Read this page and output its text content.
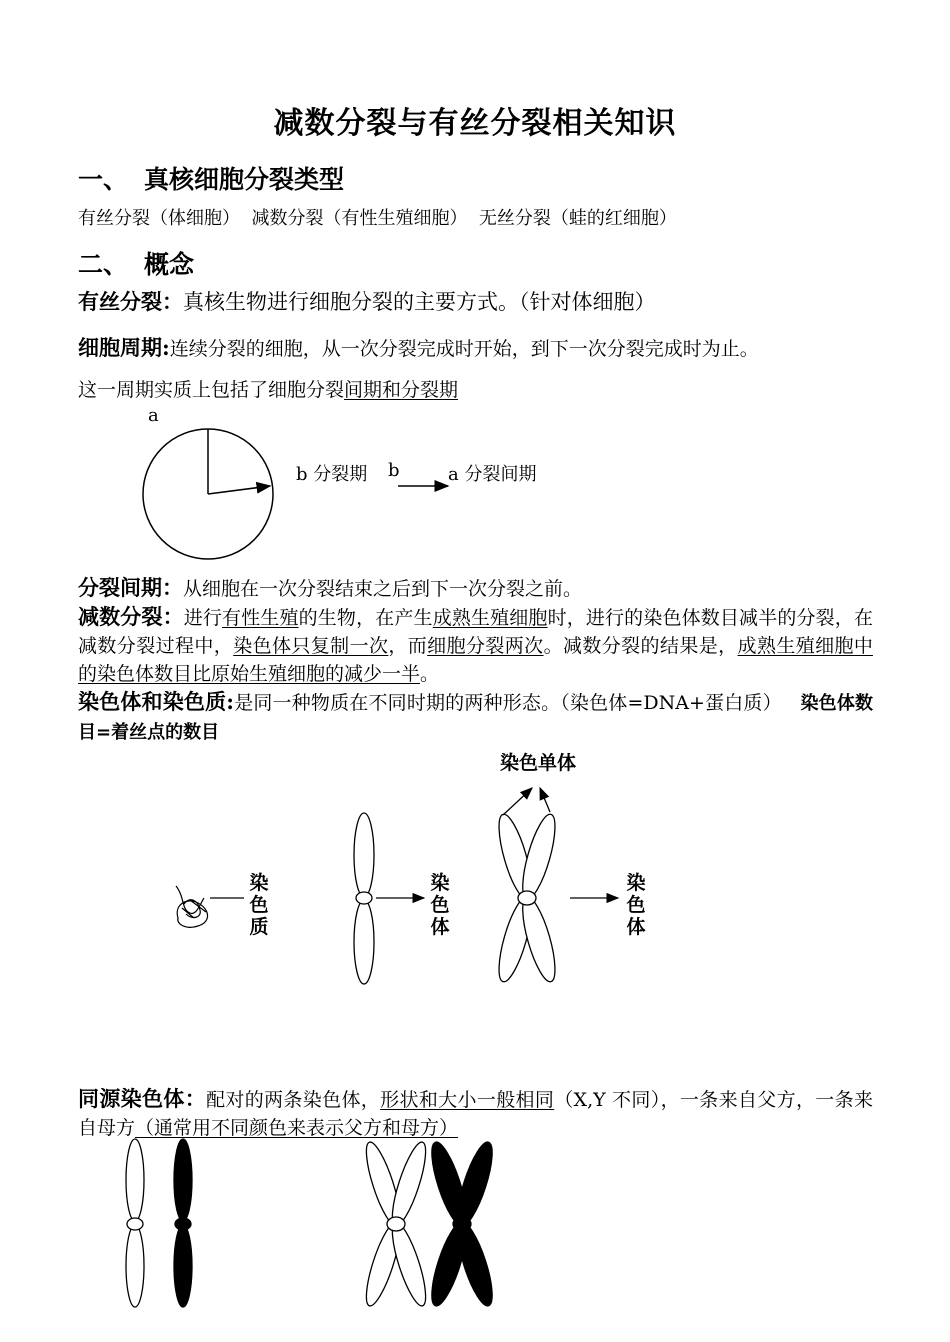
减数分裂与有丝分裂相关知识
一、 真核细胞分裂类型
有丝分裂（体细胞）  减数分裂（有性生殖细胞）  无丝分裂（蛙的红细胞）
二、 概念
有丝分裂：真核生物进行细胞分裂的主要方式。（针对体细胞）
细胞周期:连续分裂的细胞，从一次分裂完成时开始，到下一次分裂完成时为止。
这一周期实质上包括了细胞分裂间期和分裂期
a
b 分裂期 b	a 分裂间期
分裂间期：从细胞在一次分裂结束之后到下一次分裂之前。
减数分裂：进行有性生殖的生物，在产生成熟生殖细胞时，进行的染色体数目减半的分裂，在减数分裂过程中，染色体只复制一次，而细胞分裂两次。减数分裂的结果是，成熟生殖细胞中的染色体数目比原始生殖细胞的减少一半。
染色体和染色质:是同一种物质在不同时期的两种形态。（染色体=DNA+蛋白质） 染色体数目=着丝点的数目
染色单体
染色质
染色体
染色体
同源染色体：配对的两条染色体，形状和大小一般相同（X,Y 不同），一条来自父方，一条来自母方（通常用不同颜色来表示父方和母方）
